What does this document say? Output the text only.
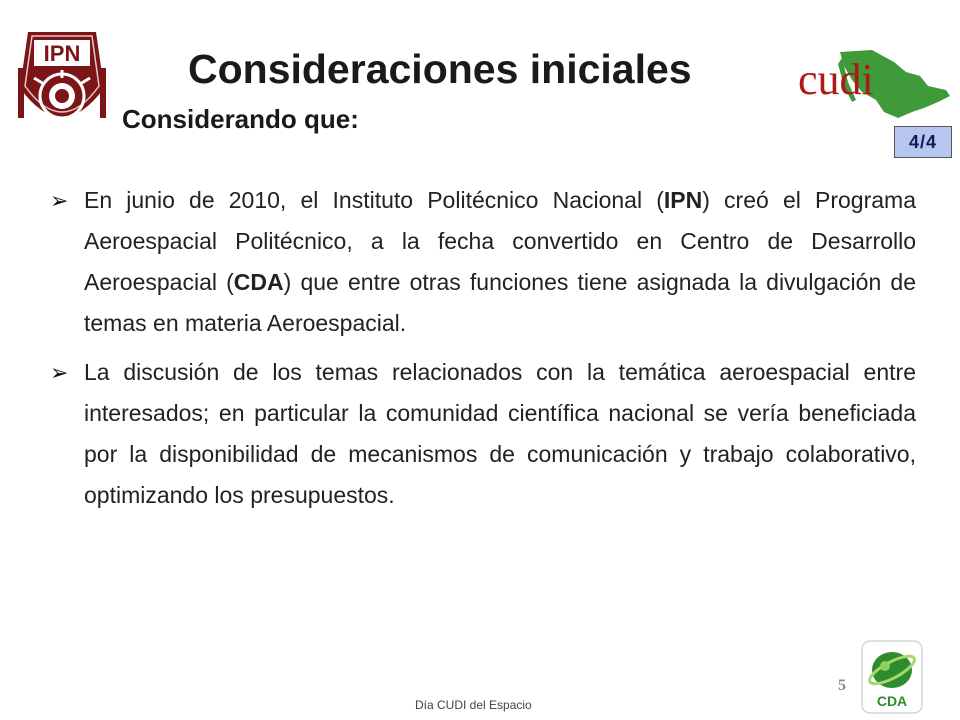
IPN	Consideraciones iniciales
Considerando que:
cudi
4/4
➢ En junio de 2010, el Instituto Politécnico Nacional (IPN) creó el Programa Aeroespacial Politécnico, a la fecha convertido en Centro de Desarrollo Aeroespacial (CDA) que entre otras funciones tiene asignada la divulgación de temas en materia Aeroespacial.
➢ La discusión de los temas relacionados con la temática aeroespacial entre interesados; en particular la comunidad científica nacional se vería beneficiada por la disponibilidad de mecanismos de comunicación y trabajo colaborativo, optimizando los presupuestos.
Día CUDI del Espacio
5
CDA
